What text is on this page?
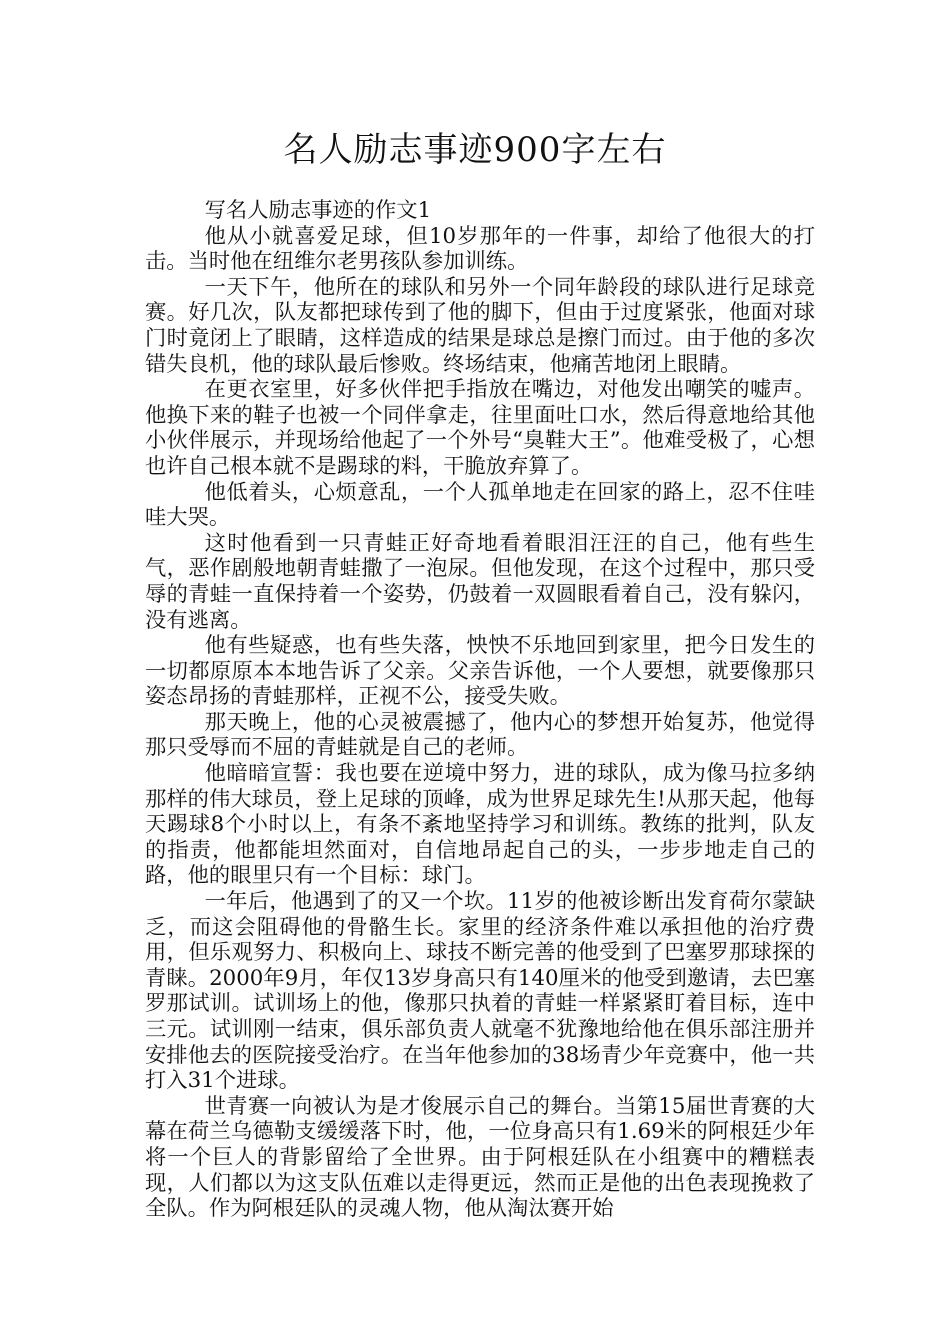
名人励志事迹900字左右

写名人励志事迹的作文1

他从小就喜爱足球，但10岁那年的一件事，却给了他很大的打击。当时他在纽维尔老男孩队参加训练。

一天下午，他所在的球队和另外一个同年龄段的球队进行足球竞赛。好几次，队友都把球传到了他的脚下，但由于过度紧张，他面对球门时竟闭上了眼睛，这样造成的结果是球总是擦门而过。由于他的多次错失良机，他的球队最后惨败。终场结束，他痛苦地闭上眼睛。

在更衣室里，好多伙伴把手指放在嘴边，对他发出嘲笑的嘘声。他换下来的鞋子也被一个同伴拿走，往里面吐口水，然后得意地给其他小伙伴展示，并现场给他起了一个外号“臭鞋大王”。他难受极了，心想也许自己根本就不是踢球的料，干脆放弃算了。

他低着头，心烦意乱，一个人孤单地走在回家的路上，忍不住哇哇大哭。

这时他看到一只青蛙正好奇地看着眼泪汪汪的自己，他有些生气，恶作剧般地朝青蛙撒了一泡尿。但他发现，在这个过程中，那只受辱的青蛙一直保持着一个姿势，仍鼓着一双圆眼看着自己，没有躲闪，没有逃离。

他有些疑惑，也有些失落，怏怏不乐地回到家里，把今日发生的一切都原原本本地告诉了父亲。父亲告诉他，一个人要想，就要像那只姿态昂扬的青蛙那样，正视不公，接受失败。

那天晚上，他的心灵被震撼了，他内心的梦想开始复苏，他觉得那只受辱而不屈的青蛙就是自己的老师。

他暗暗宣誓：我也要在逆境中努力，进的球队，成为像马拉多纳那样的伟大球员，登上足球的顶峰，成为世界足球先生!从那天起，他每天踢球8个小时以上，有条不紊地坚持学习和训练。教练的批判，队友的指责，他都能坦然面对，自信地昂起自己的头，一步步地走自己的路，他的眼里只有一个目标：球门。

一年后，他遇到了的又一个坎。11岁的他被诊断出发育荷尔蒙缺乏，而这会阻碍他的骨骼生长。家里的经济条件难以承担他的治疗费用，但乐观努力、积极向上、球技不断完善的他受到了巴塞罗那球探的青睐。2000年9月，年仅13岁身高只有140厘米的他受到邀请，去巴塞罗那试训。试训场上的他，像那只执着的青蛙一样紧紧盯着目标，连中三元。试训刚一结束，俱乐部负责人就毫不犹豫地给他在俱乐部注册并安排他去的医院接受治疗。在当年他参加的38场青少年竞赛中，他一共打入31个进球。

世青赛一向被认为是才俊展示自己的舞台。当第15届世青赛的大幕在荷兰乌德勒支缓缓落下时，他，一位身高只有1.69米的阿根廷少年将一个巨人的背影留给了全世界。由于阿根廷队在小组赛中的糟糕表现，人们都以为这支队伍难以走得更远，然而正是他的出色表现挽救了全队。作为阿根廷队的灵魂人物，他从淘汰赛开始
